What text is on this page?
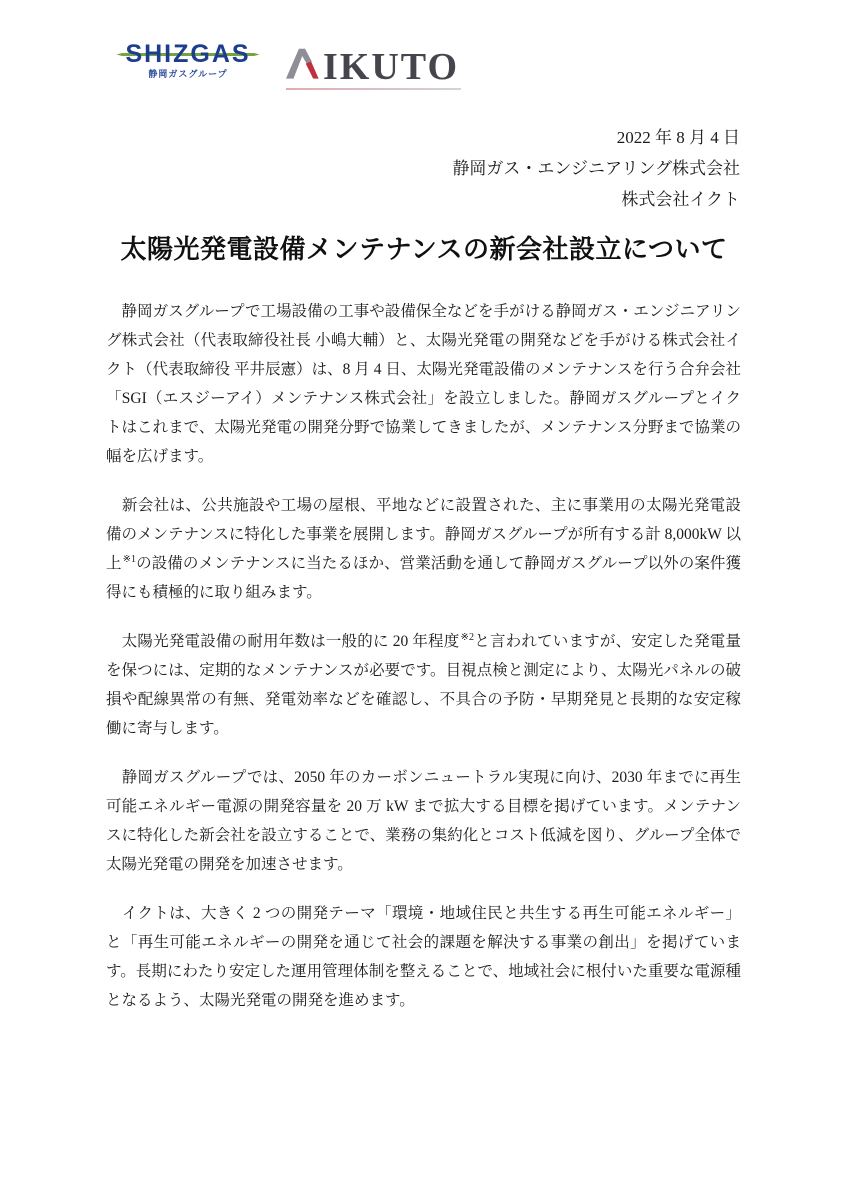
SHIZGAS
静岡ガスグループ	IKUTO
2022 年 8 月 4 日
静岡ガス・エンジニアリング株式会社
株式会社イクト
太陽光発電設備メンテナンスの新会社設立について

　静岡ガスグループで工場設備の工事や設備保全などを手がける静岡ガス・エンジニアリング株式会社（代表取締役社長 小嶋大輔）と、太陽光発電の開発などを手がける株式会社イクト（代表取締役 平井辰憲）は、8 月 4 日、太陽光発電設備のメンテナンスを行う合弁会社「SGI（エスジーアイ）メンテナンス株式会社」を設立しました。静岡ガスグループとイクトはこれまで、太陽光発電の開発分野で協業してきましたが、メンテナンス分野まで協業の幅を広げます。

　新会社は、公共施設や工場の屋根、平地などに設置された、主に事業用の太陽光発電設備のメンテナンスに特化した事業を展開します。静岡ガスグループが所有する計 8,000kW 以上$^{※1}$の設備のメンテナンスに当たるほか、営業活動を通して静岡ガスグループ以外の案件獲得にも積極的に取り組みます。

　太陽光発電設備の耐用年数は一般的に 20 年程度$^{※2}$と言われていますが、安定した発電量を保つには、定期的なメンテナンスが必要です。目視点検と測定により、太陽光パネルの破損や配線異常の有無、発電効率などを確認し、不具合の予防・早期発見と長期的な安定稼働に寄与します。

　静岡ガスグループでは、2050 年のカーボンニュートラル実現に向け、2030 年までに再生可能エネルギー電源の開発容量を 20 万 kW まで拡大する目標を掲げています。メンテナンスに特化した新会社を設立することで、業務の集約化とコスト低減を図り、グループ全体で太陽光発電の開発を加速させます。

　イクトは、大きく 2 つの開発テーマ「環境・地域住民と共生する再生可能エネルギー」と「再生可能エネルギーの開発を通じて社会的課題を解決する事業の創出」を掲げています。長期にわたり安定した運用管理体制を整えることで、地域社会に根付いた重要な電源種となるよう、太陽光発電の開発を進めます。
